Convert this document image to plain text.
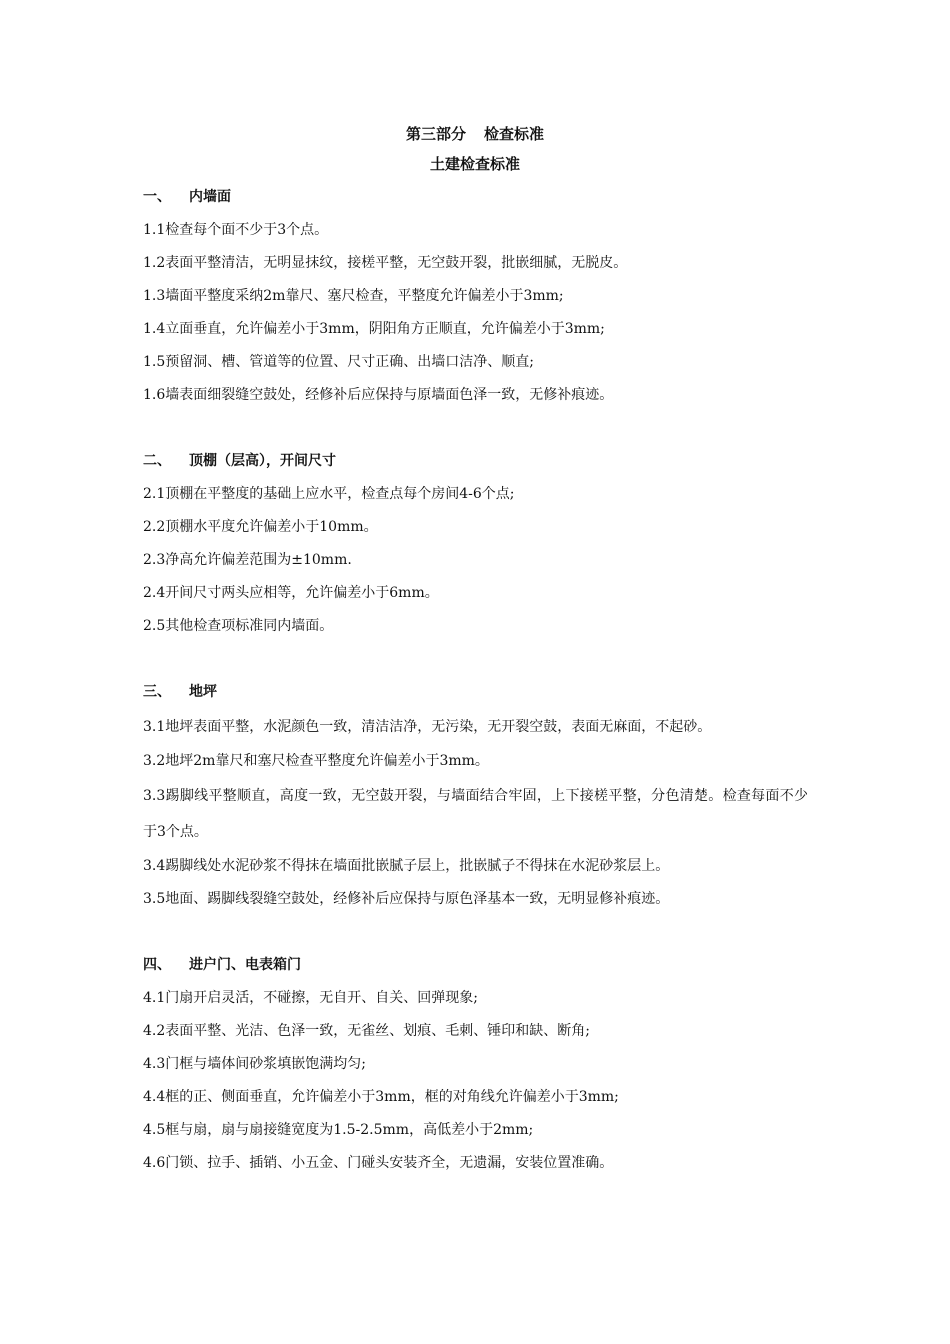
第三部分 检查标准
土建检查标准
一、 内墙面
1.1检查每个面不少于3个点。
1.2表面平整清洁，无明显抹纹，接槎平整，无空鼓开裂，批嵌细腻，无脱皮。
1.3墙面平整度采纳2m靠尺、塞尺检查，平整度允许偏差小于3mm;
1.4立面垂直，允许偏差小于3mm，阴阳角方正顺直，允许偏差小于3mm;
1.5预留洞、槽、管道等的位置、尺寸正确、出墙口洁净、顺直;
1.6墙表面细裂缝空鼓处，经修补后应保持与原墙面色泽一致，无修补痕迹。
二、 顶棚（层高），开间尺寸
2.1顶棚在平整度的基础上应水平，检查点每个房间4-6个点;
2.2顶棚水平度允许偏差小于10mm。
2.3净高允许偏差范围为±10mm.
2.4开间尺寸两头应相等，允许偏差小于6mm。
2.5其他检查项标准同内墙面。
三、 地坪
3.1地坪表面平整，水泥颜色一致，清洁洁净，无污染，无开裂空鼓，表面无麻面，不起砂。
3.2地坪2m靠尺和塞尺检查平整度允许偏差小于3mm。
3.3踢脚线平整顺直，高度一致，无空鼓开裂，与墙面结合牢固，上下接槎平整，分色清楚。检查每面不少于3个点。
3.4踢脚线处水泥砂浆不得抹在墙面批嵌腻子层上，批嵌腻子不得抹在水泥砂浆层上。
3.5地面、踢脚线裂缝空鼓处，经修补后应保持与原色泽基本一致，无明显修补痕迹。
四、 进户门、电表箱门
4.1门扇开启灵活，不碰擦，无自开、自关、回弹现象;
4.2表面平整、光洁、色泽一致，无雀丝、划痕、毛刺、锤印和缺、断角;
4.3门框与墙体间砂浆填嵌饱满均匀;
4.4框的正、侧面垂直，允许偏差小于3mm，框的对角线允许偏差小于3mm;
4.5框与扇，扇与扇接缝宽度为1.5-2.5mm，高低差小于2mm;
4.6门锁、拉手、插销、小五金、门碰头安装齐全，无遗漏，安装位置准确。
